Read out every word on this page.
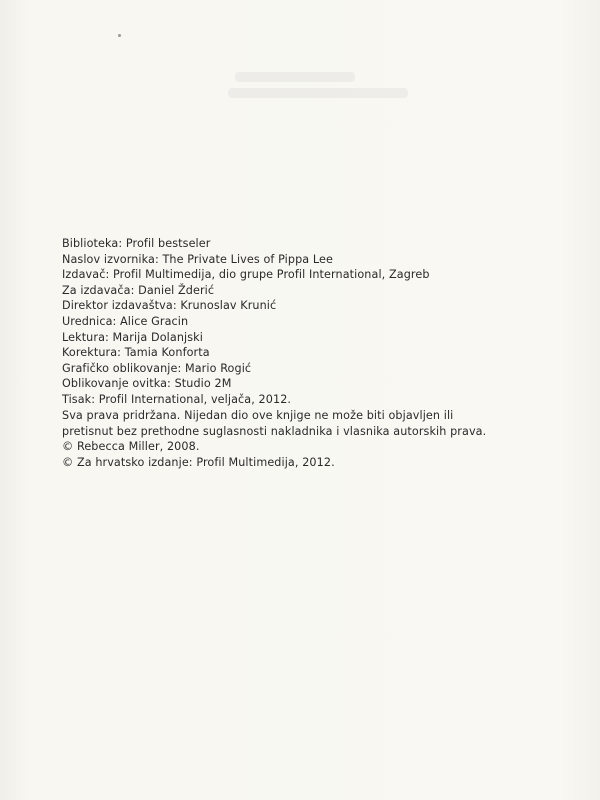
Biblioteka: Profil bestseler

Naslov izvornika: The Private Lives of Pippa Lee

Izdavač: Profil Multimedija, dio grupe Profil International, Zagreb

Za izdavača: Daniel Žderić

Direktor izdavaštva: Krunoslav Krunić

Urednica: Alice Gracin

Lektura: Marija Dolanjski

Korektura: Tamia Konforta

Grafičko oblikovanje: Mario Rogić

Oblikovanje ovitka: Studio 2M

Tisak: Profil International, veljača, 2012.

Sva prava pridržana. Nijedan dio ove knjige ne može biti objavljen ili

pretisnut bez prethodne suglasnosti nakladnika i vlasnika autorskih prava.

© Rebecca Miller, 2008.

© Za hrvatsko izdanje: Profil Multimedija, 2012.
